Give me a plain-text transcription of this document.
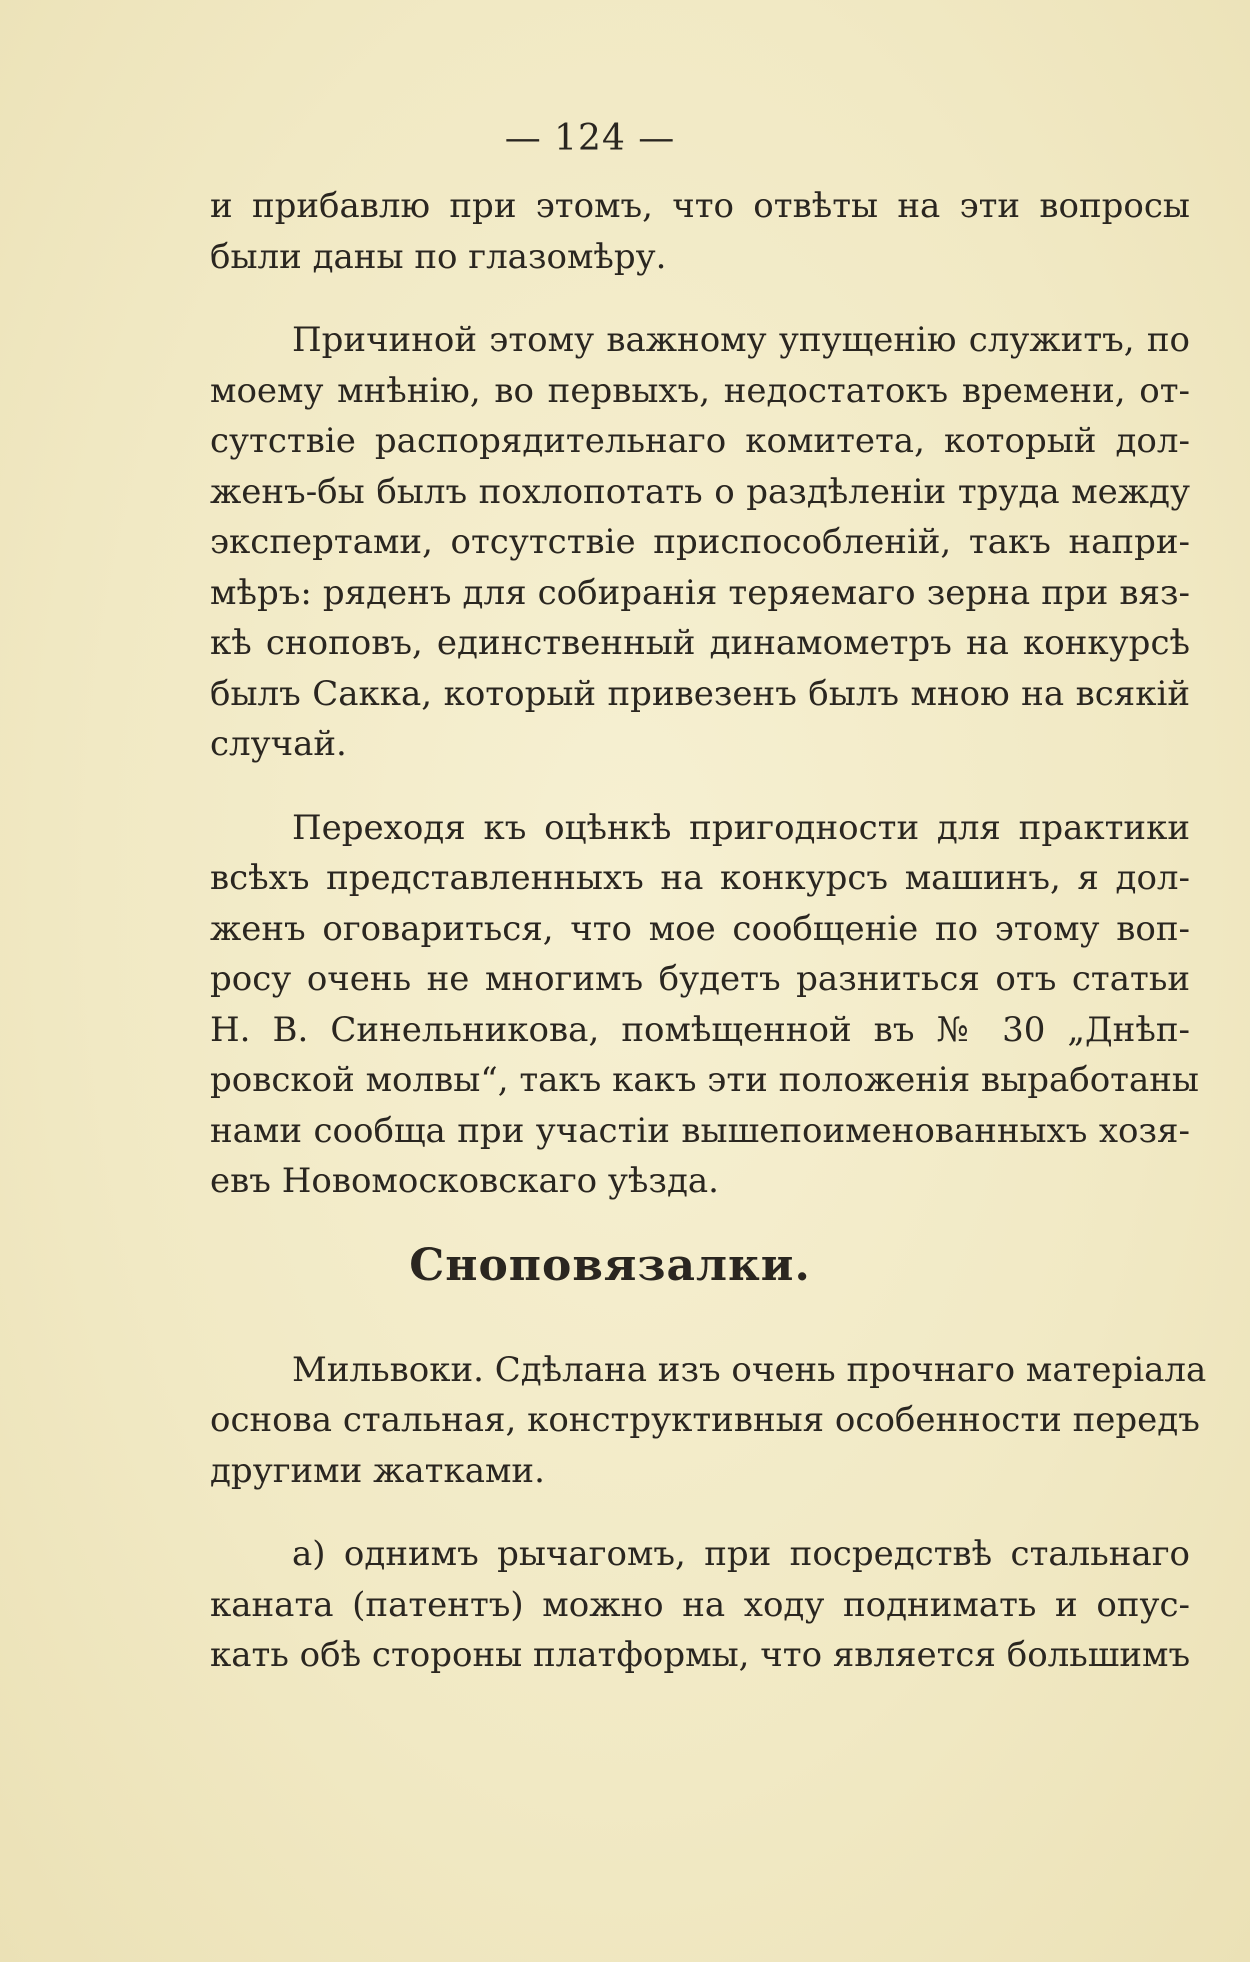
— 124 —
и прибавлю при этомъ, что отвѣты на эти вопросы
были даны по глазомѣру.
Причиной этому важному упущенію служитъ, по
моему мнѣнію, во первыхъ, недостатокъ времени, от-
сутствіе распорядительнаго комитета, который дол-
женъ-бы былъ похлопотать о раздѣленіи труда между
экспертами, отсутствіе приспособленій, такъ напри-
мѣръ: ряденъ для собиранія теряемаго зерна при вяз-
кѣ сноповъ, единственный динамометръ на конкурсѣ
былъ Сакка, который привезенъ былъ мною на всякій
случай.
Переходя къ оцѣнкѣ пригодности для практики
всѣхъ представленныхъ на конкурсъ машинъ, я дол-
женъ оговариться, что мое сообщеніе по этому воп-
росу очень не многимъ будетъ разниться отъ статьи
Н. В. Синельникова, помѣщенной въ № 30 „Днѣп-
ровской молвы“, такъ какъ эти положенія выработаны
нами сообща при участіи вышепоименованныхъ хозя-
евъ Новомосковскаго уѣзда.
Сноповязалки.
Мильвоки. Сдѣлана изъ очень прочнаго матеріала
основа стальная, конструктивныя особенности передъ
другими жатками.
а) однимъ рычагомъ, при посредствѣ стальнаго
каната (патентъ) можно на ходу поднимать и опус-
кать обѣ стороны платформы, что является большимъ
